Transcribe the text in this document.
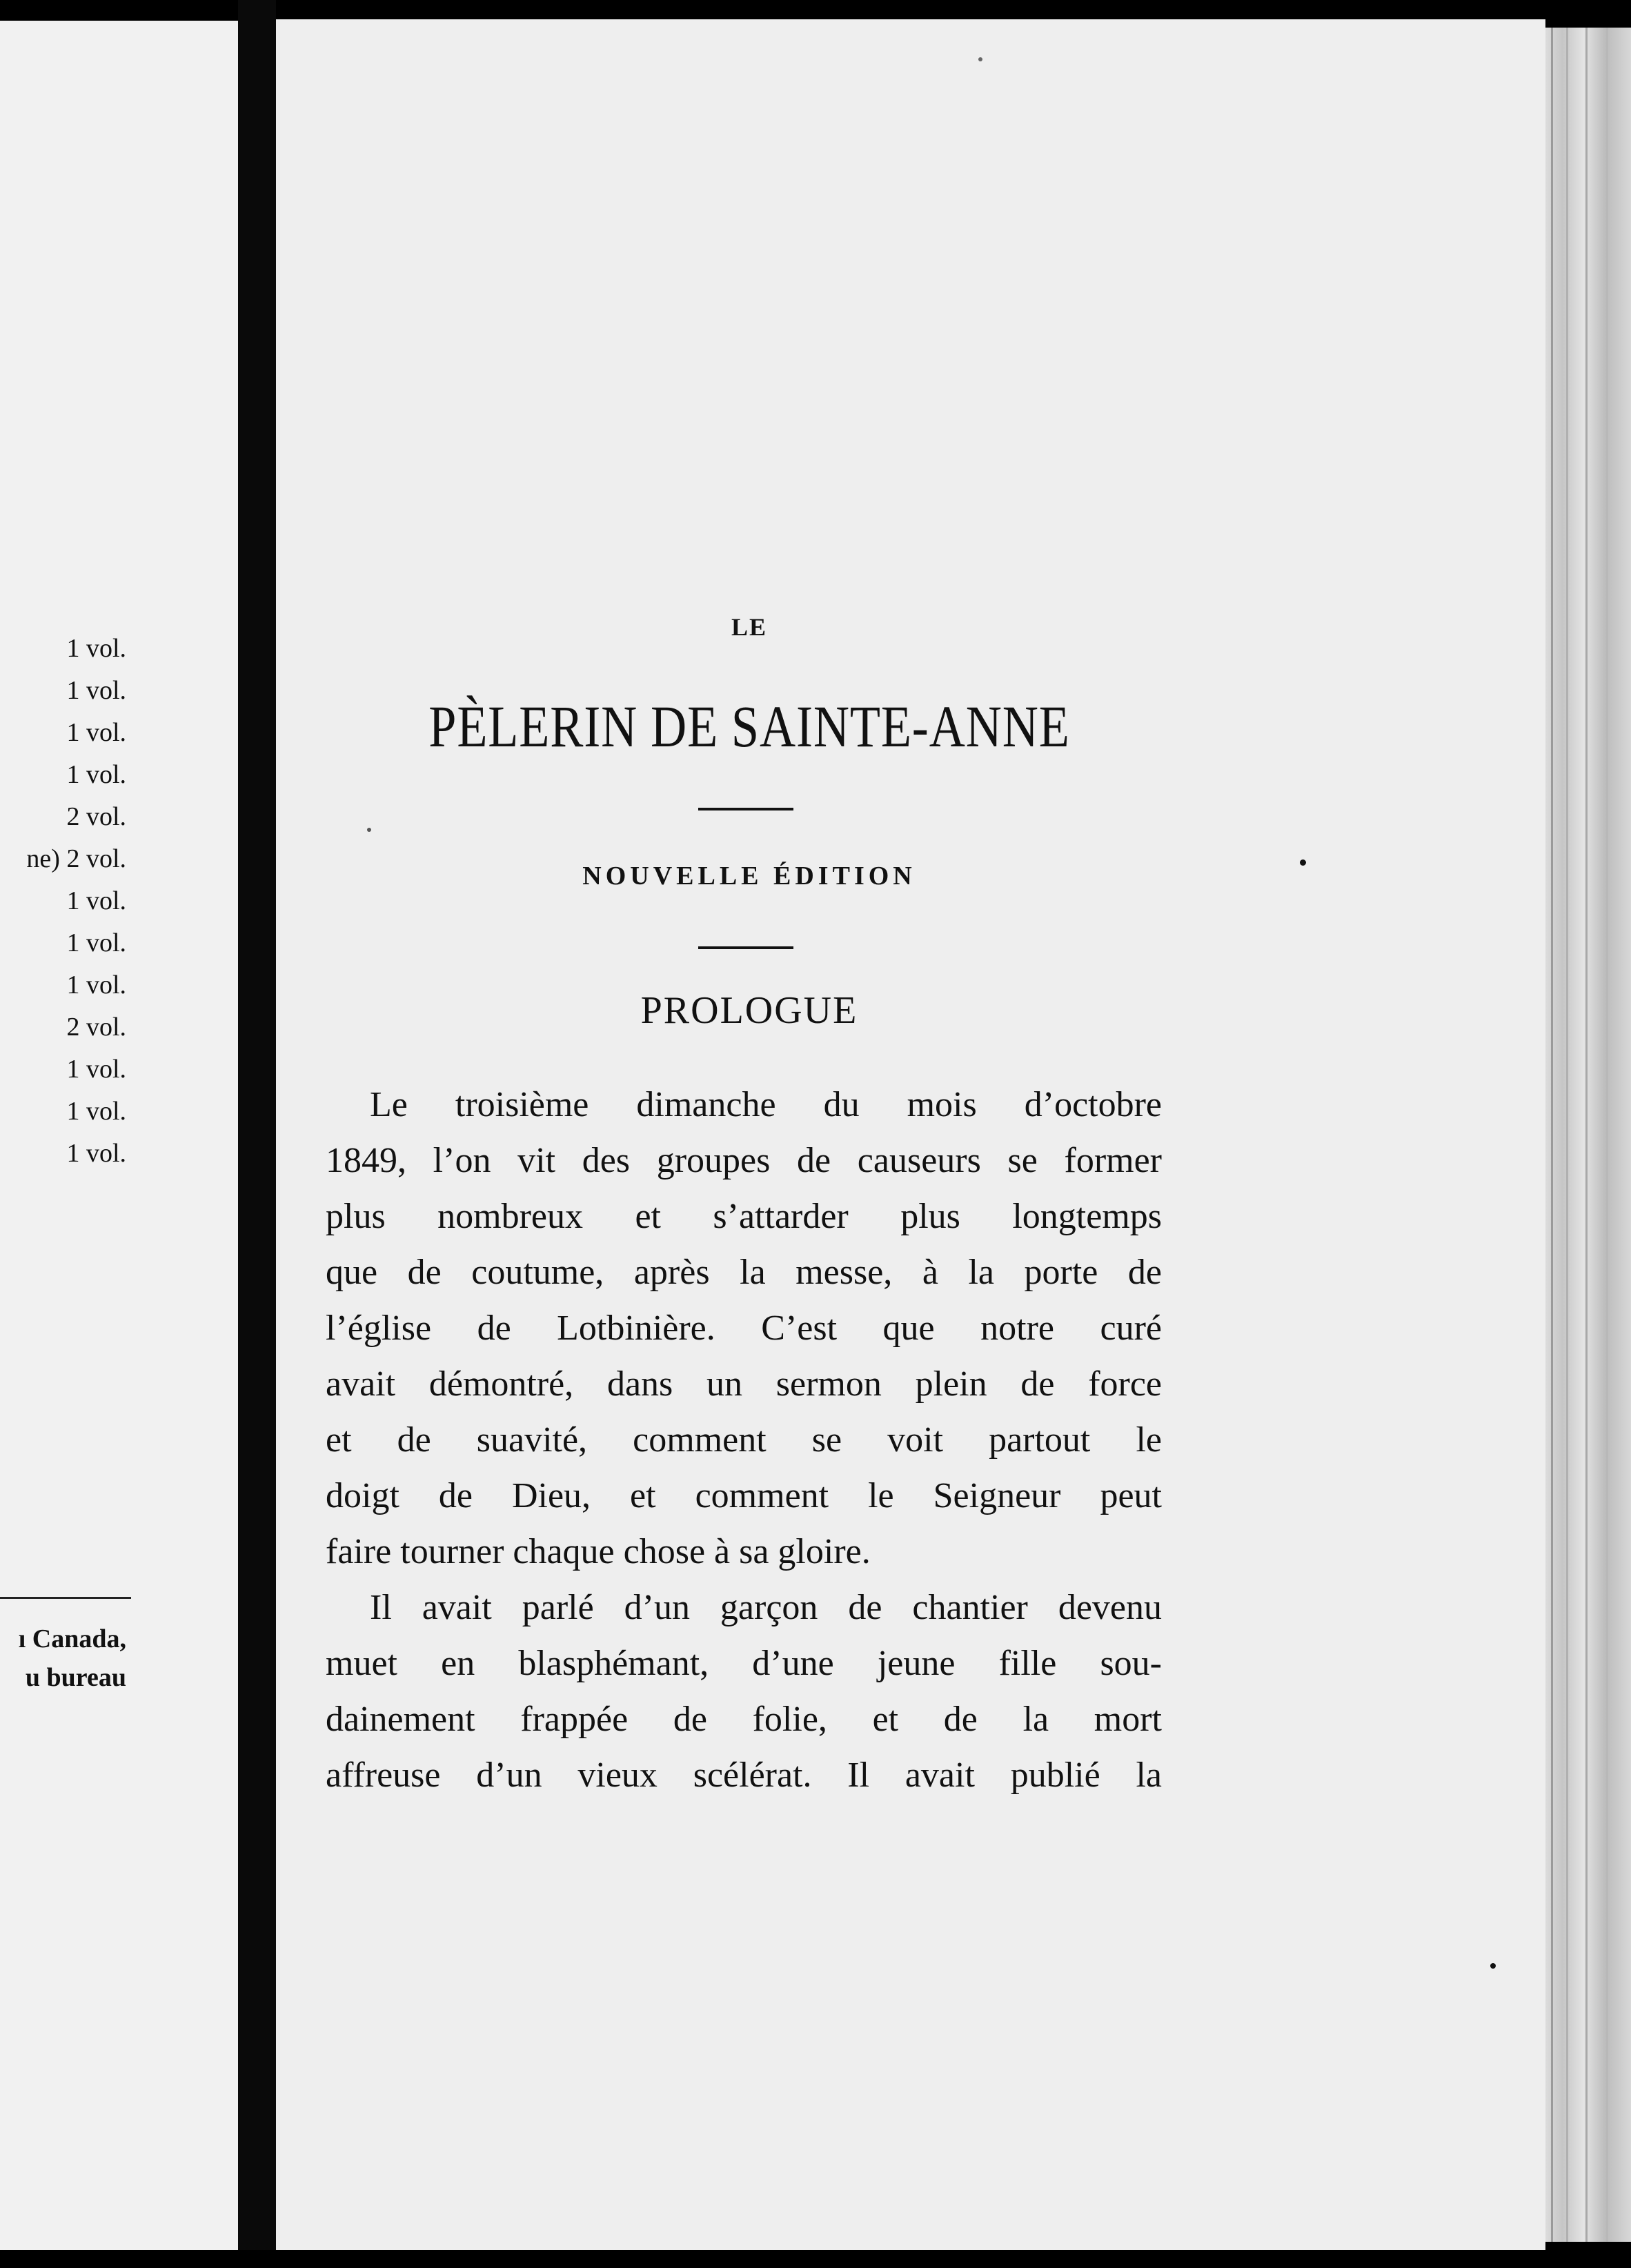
1 vol.
1 vol.
1 vol.
1 vol.
2 vol.
ne) 2 vol.
1 vol.
1 vol.
1 vol.
2 vol.
1 vol.
1 vol.
1 vol.
ı Canada,
u bureau
LE
PÈLERIN DE SAINTE-ANNE
NOUVELLE ÉDITION
PROLOGUE
Le troisième dimanche du mois d’octobre
1849, l’on vit des groupes de causeurs se former
plus nombreux et s’attarder plus longtemps
que de coutume, après la messe, à la porte de
l’église de Lotbinière. C’est que notre curé
avait démontré, dans un sermon plein de force
et de suavité, comment se voit partout le
doigt de Dieu, et comment le Seigneur peut
faire tourner chaque chose à sa gloire.
Il avait parlé d’un garçon de chantier devenu
muet en blasphémant, d’une jeune fille sou-
dainement frappée de folie, et de la mort
affreuse d’un vieux scélérat. Il avait publié la
